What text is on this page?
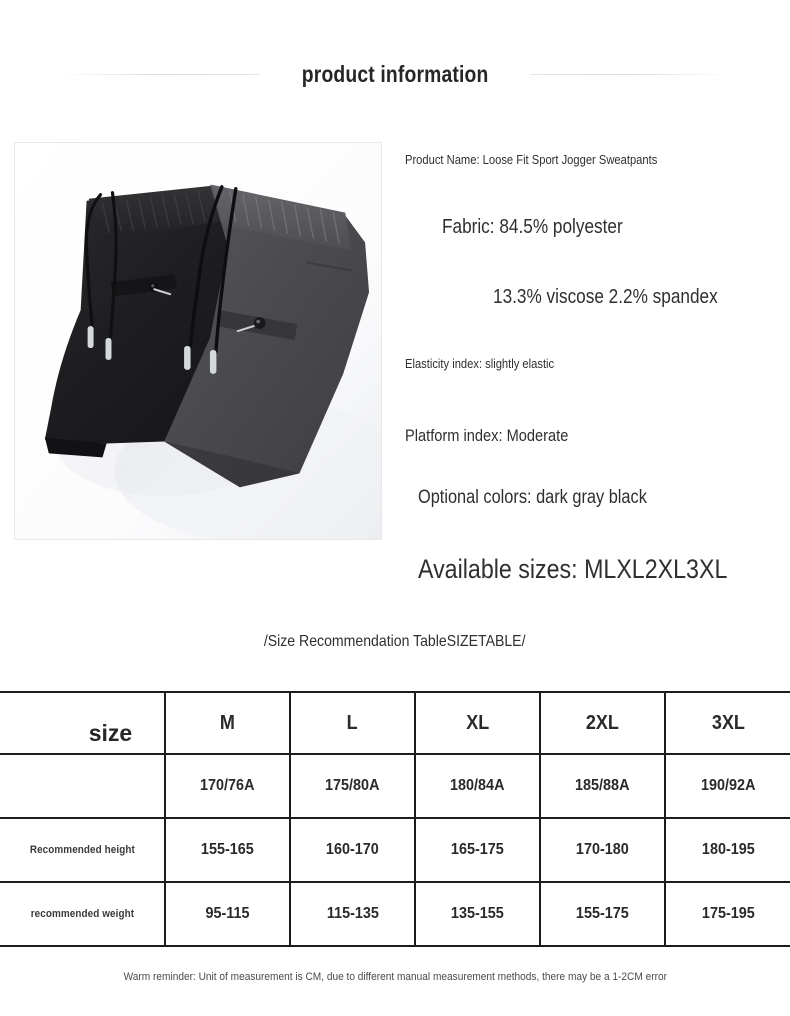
product information
Product Name: Loose Fit Sport Jogger Sweatpants
Fabric: 84.5% polyester
13.3% viscose 2.2% spandex
Elasticity index: slightly elastic
Platform index: Moderate
Optional colors: dark gray black
Available sizes: MLXL2XL3XL
/Size Recommendation TableSIZETABLE/
size	M	L	XL	2XL	3XL
	170/76A	175/80A	180/84A	185/88A	190/92A
Recommended height	155-165	160-170	165-175	170-180	180-195
recommended weight	95-115	115-135	135-155	155-175	175-195
Warm reminder: Unit of measurement is CM, due to different manual measurement methods, there may be a 1-2CM error
